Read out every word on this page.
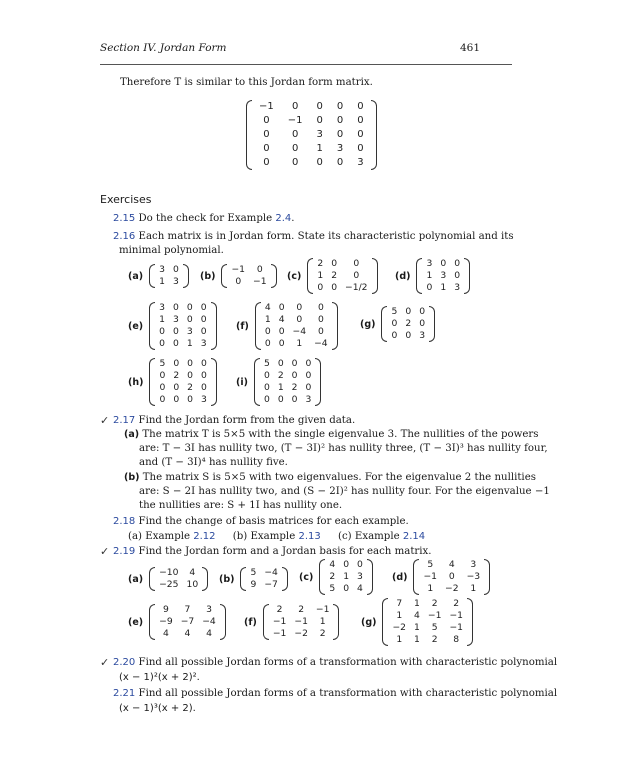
Section IV. Jordan Form	461
Therefore T is similar to this Jordan form matrix.
−1	0	0	0	0
0	−1	0	0	0
0	0	3	0	0
0	0	1	3	0
0	0	0	0	3
Exercises
2.15 Do the check for Example 2.4.
2.16 Each matrix is in Jordan form. State its characteristic polynomial and its
minimal polynomial.
(a)
3	0
1	3 (b)
−1	0
0	−1 (c)
2	0	0
1	2	0
0	0	−1/2
(d)
3	0	0
1	3	0
0	1	3
(e)
3	0	0	0
1	3	0	0
0	0	3	0
0	0	1	3
(f)
4	0	0	0
1	4	0	0
0	0	−4	0
0	0	1	−4
(g)
5	0	0
0	2	0
0	0	3
(h)
5	0	0	0
0	2	0	0
0	0	2	0
0	0	0	3
(i)
5	0	0	0
0	2	0	0
0	1	2	0
0	0	0	3
✓ 2.17 Find the Jordan form from the given data.
(a) The matrix T is 5×5 with the single eigenvalue 3. The nullities of the powers
are: T − 3I has nullity two, (T − 3I)² has nullity three, (T − 3I)³ has nullity four,
and (T − 3I)⁴ has nullity five.
(b) The matrix S is 5×5 with two eigenvalues. For the eigenvalue 2 the nullities
are: S − 2I has nullity two, and (S − 2I)² has nullity four. For the eigenvalue −1
the nullities are: S + 1I has nullity one.
2.18 Find the change of basis matrices for each example.
(a) Example 2.12 (b) Example 2.13 (c) Example 2.14
✓ 2.19 Find the Jordan form and a Jordan basis for each matrix.
(a)
−10	4
−25	10 (b)
5	−4
9	−7
(c)
4	0	0
2	1	3
5	0	4
(d)
5	4	3
−1	0	−3
1	−2	1
(e)
9	7	3
−9	−7	−4
4	4	4
(f)
2	2	−1
−1	−1	1
−1	−2	2
(g)
7	1	2	2
1	4	−1	−1
−2	1	5	−1
1	1	2	8
✓ 2.20 Find all possible Jordan forms of a transformation with characteristic polynomial
(x − 1)²(x + 2)².
2.21 Find all possible Jordan forms of a transformation with characteristic polynomial
(x − 1)³(x + 2).
